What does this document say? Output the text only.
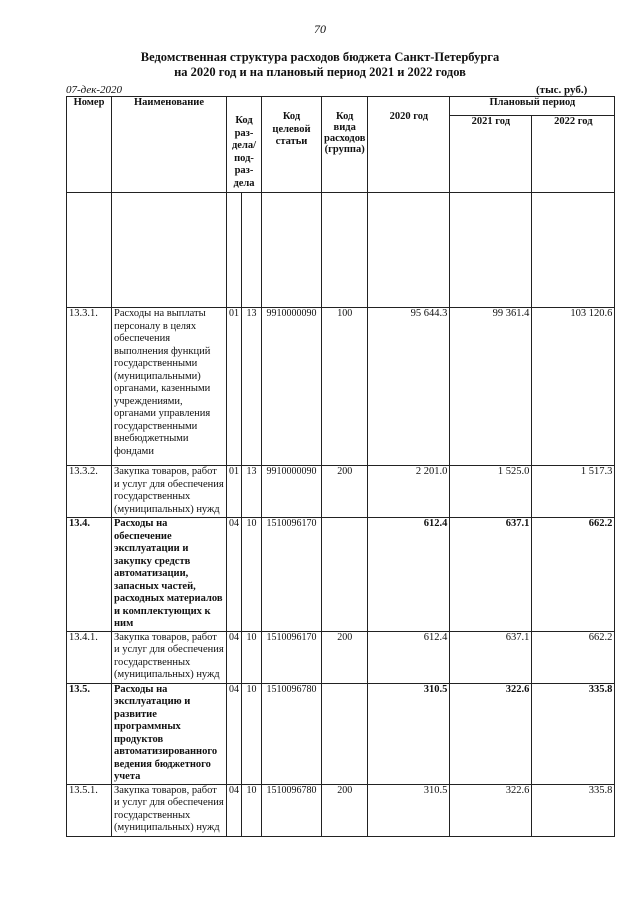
70
Ведомственная структура расходов бюджета Санкт-Петербурга
на 2020 год и на плановый период 2021 и 2022 годов
07-дек-2020	(тыс. руб.)
Номер	Наименование	Код раз- дела/ под- раз- дела		Код целевой статьи	Код вида расходов (группа)	2020 год	Плановый период	
							2021 год	2022 год

13.3.1.	Расходы на выплаты персоналу в целях обеспечения выполнения функций государственными (муниципальными) органами, казенными учреждениями, органами управления государственными внебюджетными фондами	01	13	9910000090	100	95 644.3	99 361.4	103 120.6
13.3.2.	Закупка товаров, работ и услуг для обеспечения государственных (муниципальных) нужд	01	13	9910000090	200	2 201.0	1 525.0	1 517.3
13.4.	Расходы на обеспечение эксплуатации и закупку средств автоматизации, запасных частей, расходных материалов и комплектующих к ним	04	10	1510096170		612.4	637.1	662.2
13.4.1.	Закупка товаров, работ и услуг для обеспечения государственных (муниципальных) нужд	04	10	1510096170	200	612.4	637.1	662.2
13.5.	Расходы на эксплуатацию и развитие программных продуктов автоматизированного ведения бюджетного учета	04	10	1510096780		310.5	322.6	335.8
13.5.1.	Закупка товаров, работ и услуг для обеспечения государственных (муниципальных) нужд	04	10	1510096780	200	310.5	322.6	335.8
